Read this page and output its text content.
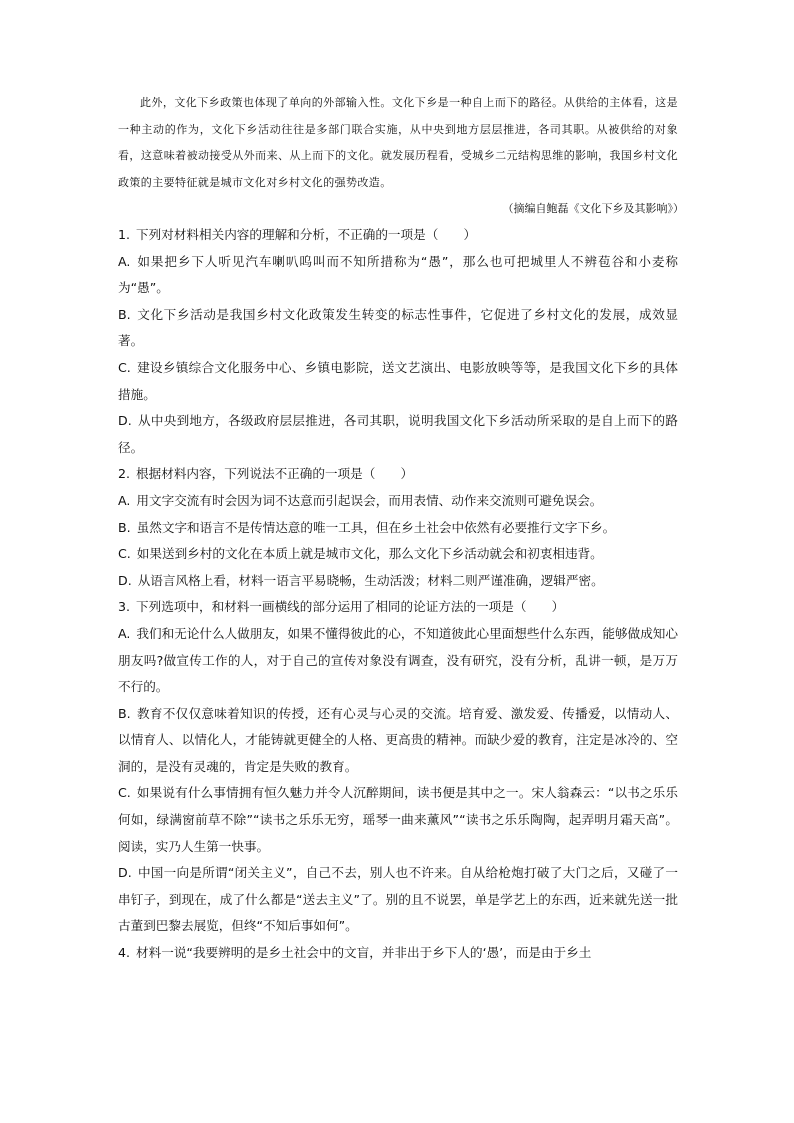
此外，文化下乡政策也体现了单向的外部输入性。文化下乡是一种自上而下的路径。从供给的主体看，这是一种主动的作为，文化下乡活动往往是多部门联合实施，从中央到地方层层推进，各司其职。从被供给的对象看，这意味着被动接受从外而来、从上而下的文化。就发展历程看，受城乡二元结构思维的影响，我国乡村文化政策的主要特征就是城市文化对乡村文化的强势改造。

（摘编自鲍磊《文化下乡及其影响》）

1. 下列对材料相关内容的理解和分析，不正确的一项是（　　）

A. 如果把乡下人听见汽车喇叭呜叫而不知所措称为“愚”，那么也可把城里人不辨苞谷和小麦称为“愚”。

B. 文化下乡活动是我国乡村文化政策发生转变的标志性事件，它促进了乡村文化的发展，成效显著。

C. 建设乡镇综合文化服务中心、乡镇电影院，送文艺演出、电影放映等等，是我国文化下乡的具体措施。

D. 从中央到地方，各级政府层层推进，各司其职，说明我国文化下乡活动所采取的是自上而下的路径。

2. 根据材料内容，下列说法不正确的一项是（　　）

A. 用文字交流有时会因为词不达意而引起误会，而用表情、动作来交流则可避免误会。

B. 虽然文字和语言不是传情达意的唯一工具，但在乡土社会中依然有必要推行文字下乡。

C. 如果送到乡村的文化在本质上就是城市文化，那么文化下乡活动就会和初衷相违背。

D. 从语言风格上看，材料一语言平易晓畅，生动活泼；材料二则严谨准确，逻辑严密。

3. 下列选项中，和材料一画横线的部分运用了相同的论证方法的一项是（　　）

A. 我们和无论什么人做朋友，如果不懂得彼此的心，不知道彼此心里面想些什么东西，能够做成知心朋友吗?做宣传工作的人，对于自己的宣传对象没有调查，没有研究，没有分析，乱讲一顿，是万万不行的。

B. 教育不仅仅意味着知识的传授，还有心灵与心灵的交流。培育爱、激发爱、传播爱，以情动人、以情育人、以情化人，才能铸就更健全的人格、更高贵的精神。而缺少爱的教育，注定是冰冷的、空洞的，是没有灵魂的，肯定是失败的教育。

C. 如果说有什么事情拥有恒久魅力并令人沉醉期间，读书便是其中之一。宋人翁森云：“以书之乐乐何如，绿满窗前草不除”“读书之乐乐无穷，瑶琴一曲来薰风”“读书之乐乐陶陶，起弄明月霜天高”。阅读，实乃人生第一快事。

D. 中国一向是所谓“闭关主义”，自己不去，别人也不许来。自从给枪炮打破了大门之后，又碰了一串钉子，到现在，成了什么都是“送去主义”了。别的且不说罢，单是学艺上的东西，近来就先送一批古董到巴黎去展览，但终“不知后事如何”。

4. 材料一说“我要辨明的是乡土社会中的文盲，并非出于乡下人的‘愚’，而是由于乡土
